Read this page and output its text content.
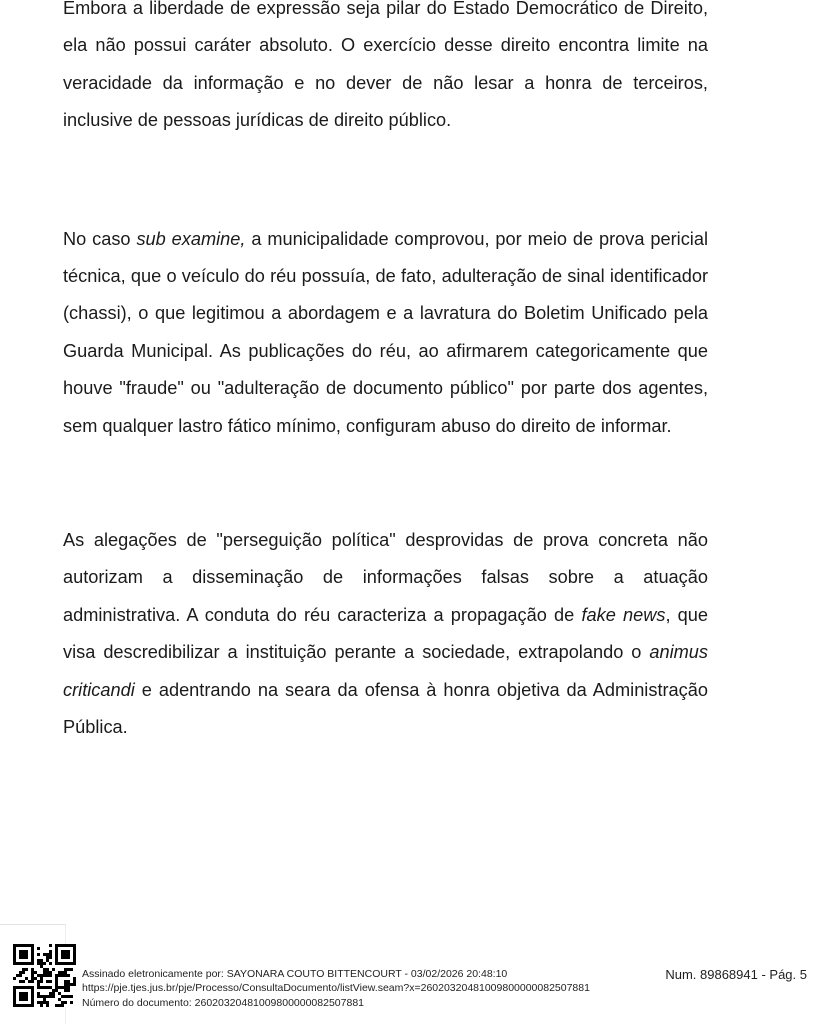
Embora a liberdade de expressão seja pilar do Estado Democrático de Direito, ela não possui caráter absoluto. O exercício desse direito encontra limite na veracidade da informação e no dever de não lesar a honra de terceiros, inclusive de pessoas jurídicas de direito público.

No caso sub examine, a municipalidade comprovou, por meio de prova pericial técnica, que o veículo do réu possuía, de fato, adulteração de sinal identificador (chassi), o que legitimou a abordagem e a lavratura do Boletim Unificado pela Guarda Municipal. As publicações do réu, ao afirmarem categoricamente que houve "fraude" ou "adulteração de documento público" por parte dos agentes, sem qualquer lastro fático mínimo, configuram abuso do direito de informar.

As alegações de "perseguição política" desprovidas de prova concreta não autorizam a disseminação de informações falsas sobre a atuação administrativa. A conduta do réu caracteriza a propagação de fake news, que visa descredibilizar a instituição perante a sociedade, extrapolando o animus criticandi e adentrando na seara da ofensa à honra objetiva da Administração Pública.

Assinado eletronicamente por: SAYONARA COUTO BITTENCOURT - 03/02/2026 20:48:10
https://pje.tjes.jus.br/pje/Processo/ConsultaDocumento/listView.seam?x=26020320481009800000082507881
Número do documento: 26020320481009800000082507881
Num. 89868941 - Pág. 5
